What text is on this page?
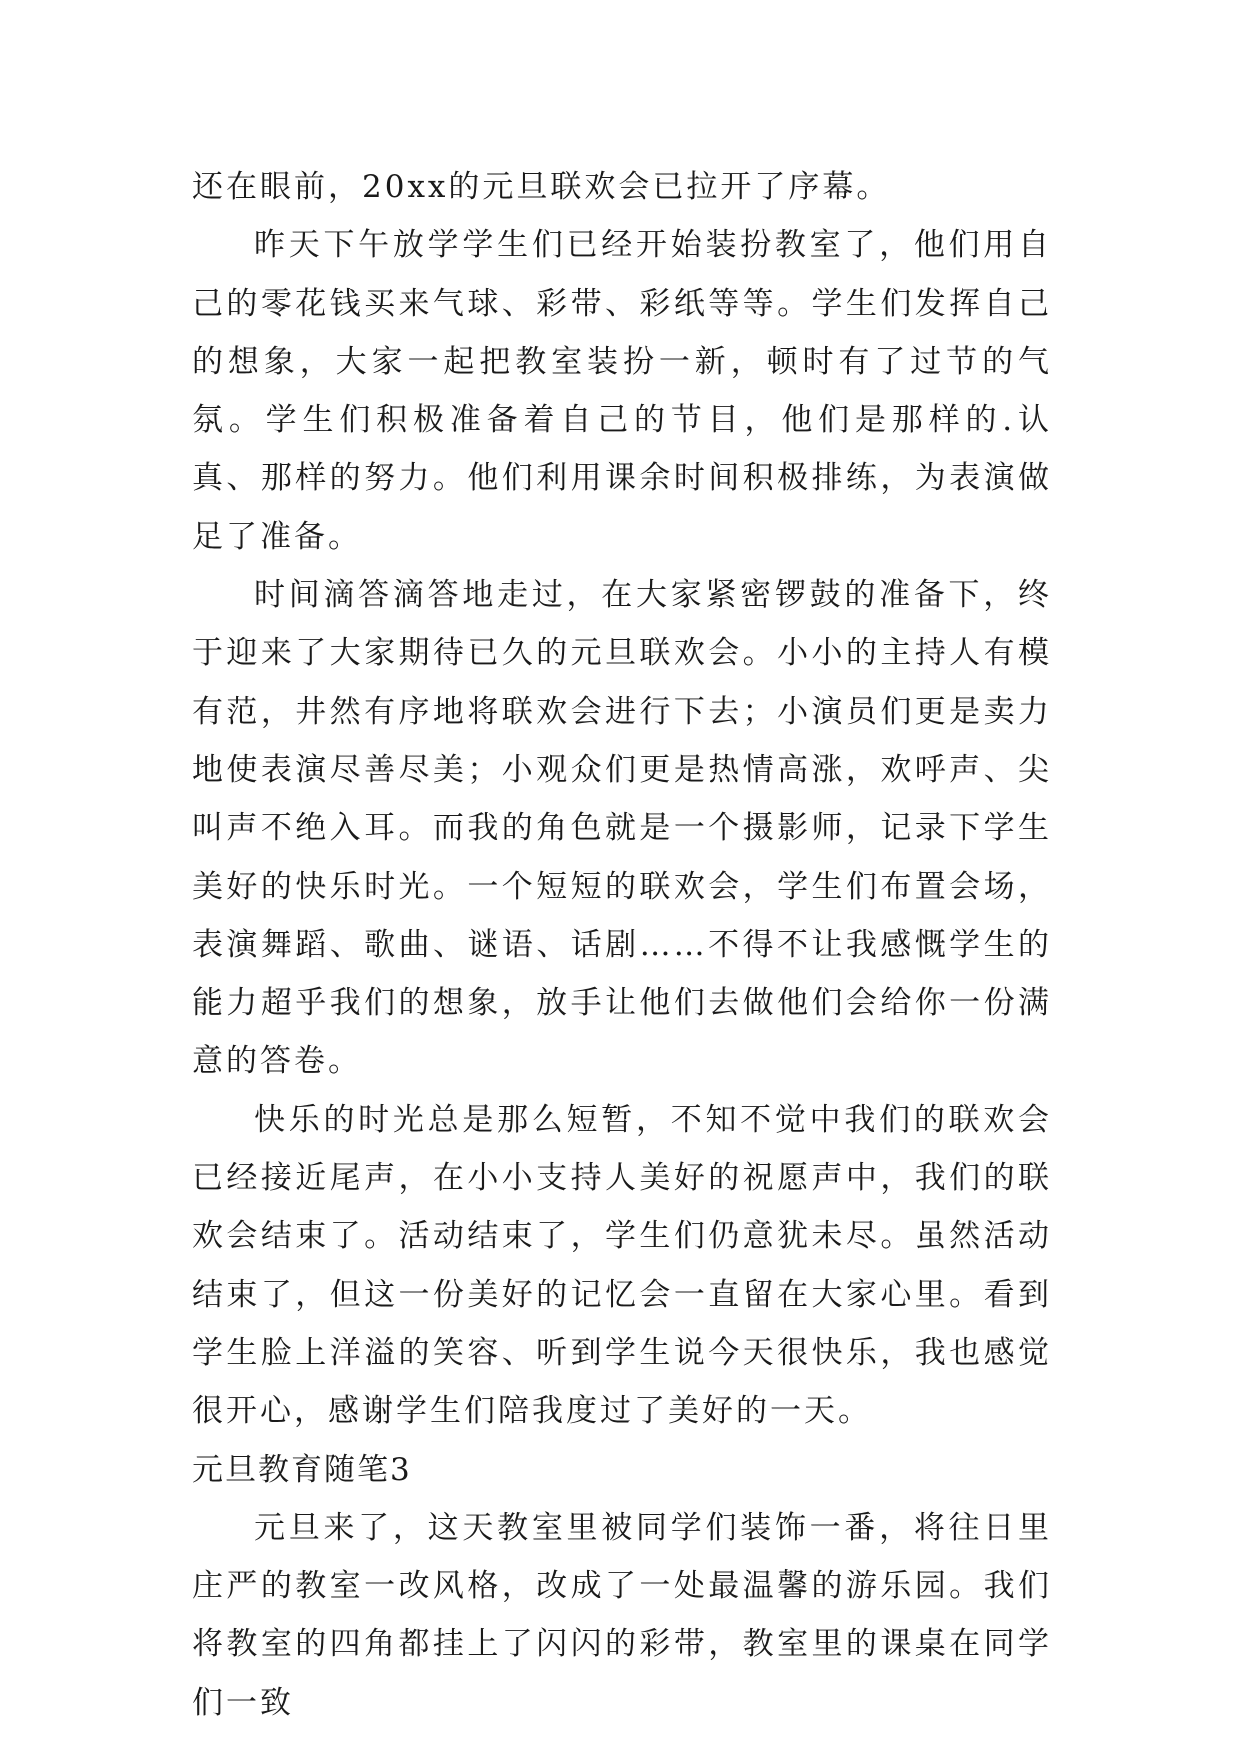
还在眼前，20xx的元旦联欢会已拉开了序幕。

昨天下午放学学生们已经开始装扮教室了，他们用自己的零花钱买来气球、彩带、彩纸等等。学生们发挥自己的想象，大家一起把教室装扮一新，顿时有了过节的气氛。学生们积极准备着自己的节目，他们是那样的.认真、那样的努力。他们利用课余时间积极排练，为表演做足了准备。

时间滴答滴答地走过，在大家紧密锣鼓的准备下，终于迎来了大家期待已久的元旦联欢会。小小的主持人有模有范，井然有序地将联欢会进行下去；小演员们更是卖力地使表演尽善尽美；小观众们更是热情高涨，欢呼声、尖叫声不绝入耳。而我的角色就是一个摄影师，记录下学生美好的快乐时光。一个短短的联欢会，学生们布置会场，表演舞蹈、歌曲、谜语、话剧……不得不让我感慨学生的能力超乎我们的想象，放手让他们去做他们会给你一份满意的答卷。

快乐的时光总是那么短暂，不知不觉中我们的联欢会已经接近尾声，在小小支持人美好的祝愿声中，我们的联欢会结束了。活动结束了，学生们仍意犹未尽。虽然活动结束了，但这一份美好的记忆会一直留在大家心里。看到学生脸上洋溢的笑容、听到学生说今天很快乐，我也感觉很开心，感谢学生们陪我度过了美好的一天。

元旦教育随笔3

元旦来了，这天教室里被同学们装饰一番，将往日里庄严的教室一改风格，改成了一处最温馨的游乐园。我们将教室的四角都挂上了闪闪的彩带，教室里的课桌在同学们一致
